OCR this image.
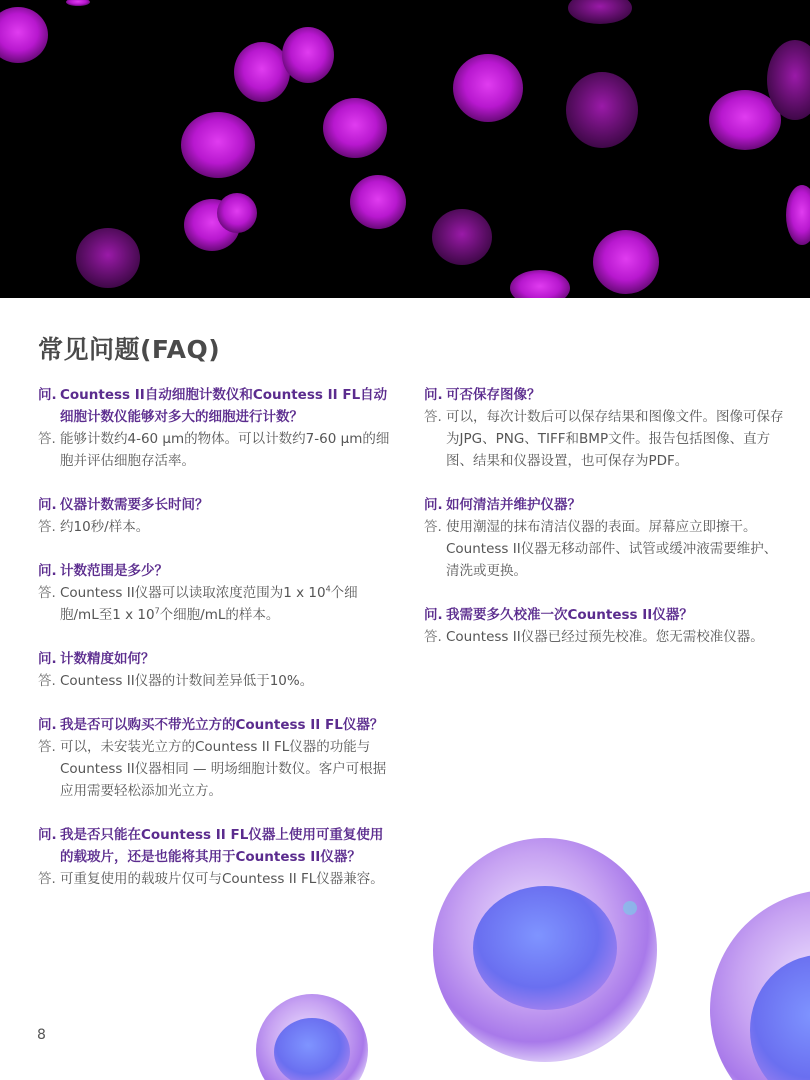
常见问题(FAQ)
问. Countess II自动细胞计数仪和Countess II FL自动细胞计数仪能够对多大的细胞进行计数？
答. 能够计数约4-60 µm的物体。可以计数约7-60 µm的细胞并评估细胞存活率。
问. 仪器计数需要多长时间？
答. 约10秒/样本。
问. 计数范围是多少？
答. Countess II仪器可以读取浓度范围为1 x $10^4$个细胞/mL至1 x $10^7$个细胞/mL的样本。
问. 计数精度如何？
答. Countess II仪器的计数间差异低于10%。
问. 我是否可以购买不带光立方的Countess II FL仪器？
答. 可以，未安装光立方的Countess II FL仪器的功能与Countess II仪器相同 — 明场细胞计数仪。客户可根据应用需要轻松添加光立方。
问. 我是否只能在Countess II FL仪器上使用可重复使用的载玻片，还是也能将其用于Countess II仪器？
答. 可重复使用的载玻片仅可与Countess II FL仪器兼容。
问. 可否保存图像？
答. 可以，每次计数后可以保存结果和图像文件。图像可保存为JPG、PNG、TIFF和BMP文件。报告包括图像、直方图、结果和仪器设置，也可保存为PDF。
问. 如何清洁并维护仪器？
答. 使用潮湿的抹布清洁仪器的表面。屏幕应立即擦干。Countess II仪器无移动部件、试管或缓冲液需要维护、清洗或更换。
问. 我需要多久校准一次Countess II仪器？
答. Countess II仪器已经过预先校准。您无需校准仪器。
8
